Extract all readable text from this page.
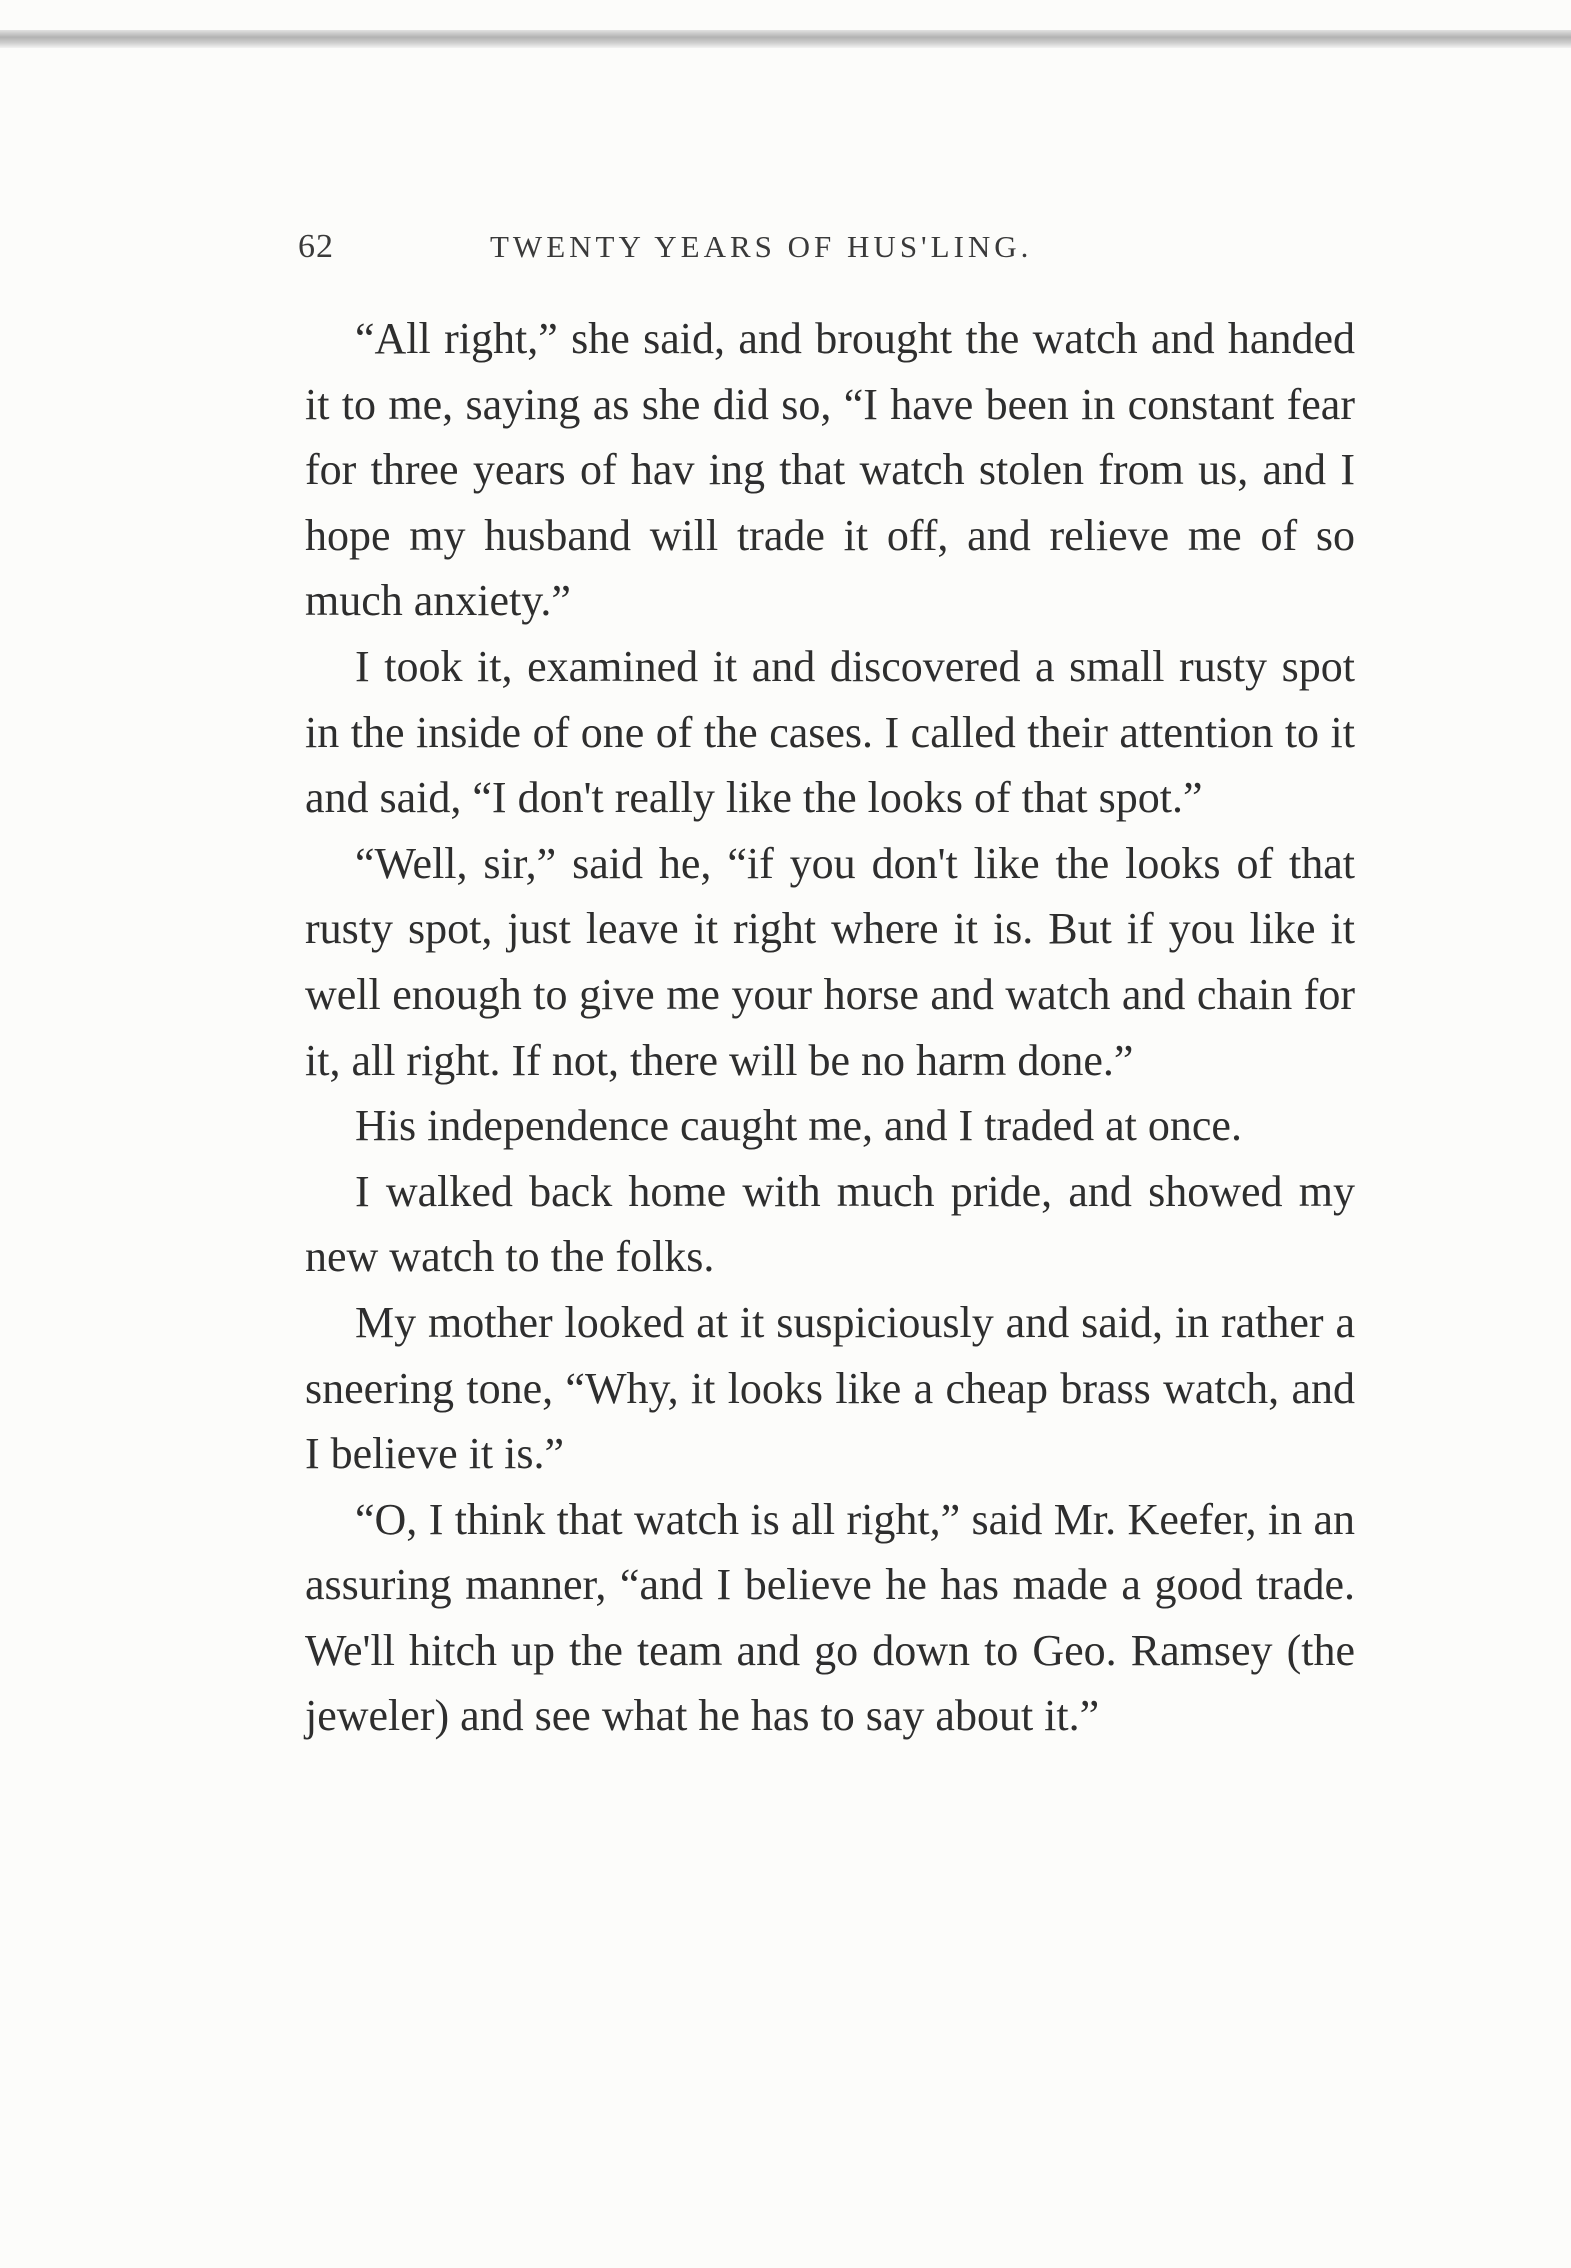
62	TWENTY YEARS OF HUS'LING.

“All right,” she said, and brought the watch and handed it to me, saying as she did so, “I have been in constant fear for three years of hav ing that watch stolen from us, and I hope my husband will trade it off, and relieve me of so much anxiety.”

I took it, examined it and discovered a small rusty spot in the inside of one of the cases. I called their attention to it and said, “I don't really like the looks of that spot.”

“Well, sir,” said he, “if you don't like the looks of that rusty spot, just leave it right where it is. But if you like it well enough to give me your horse and watch and chain for it, all right. If not, there will be no harm done.”

His independence caught me, and I traded at once.

I walked back home with much pride, and showed my new watch to the folks.

My mother looked at it suspiciously and said, in rather a sneering tone, “Why, it looks like a cheap brass watch, and I believe it is.”

“O, I think that watch is all right,” said Mr. Keefer, in an assuring manner, “and I believe he has made a good trade. We'll hitch up the team and go down to Geo. Ramsey (the jeweler) and see what he has to say about it.”
